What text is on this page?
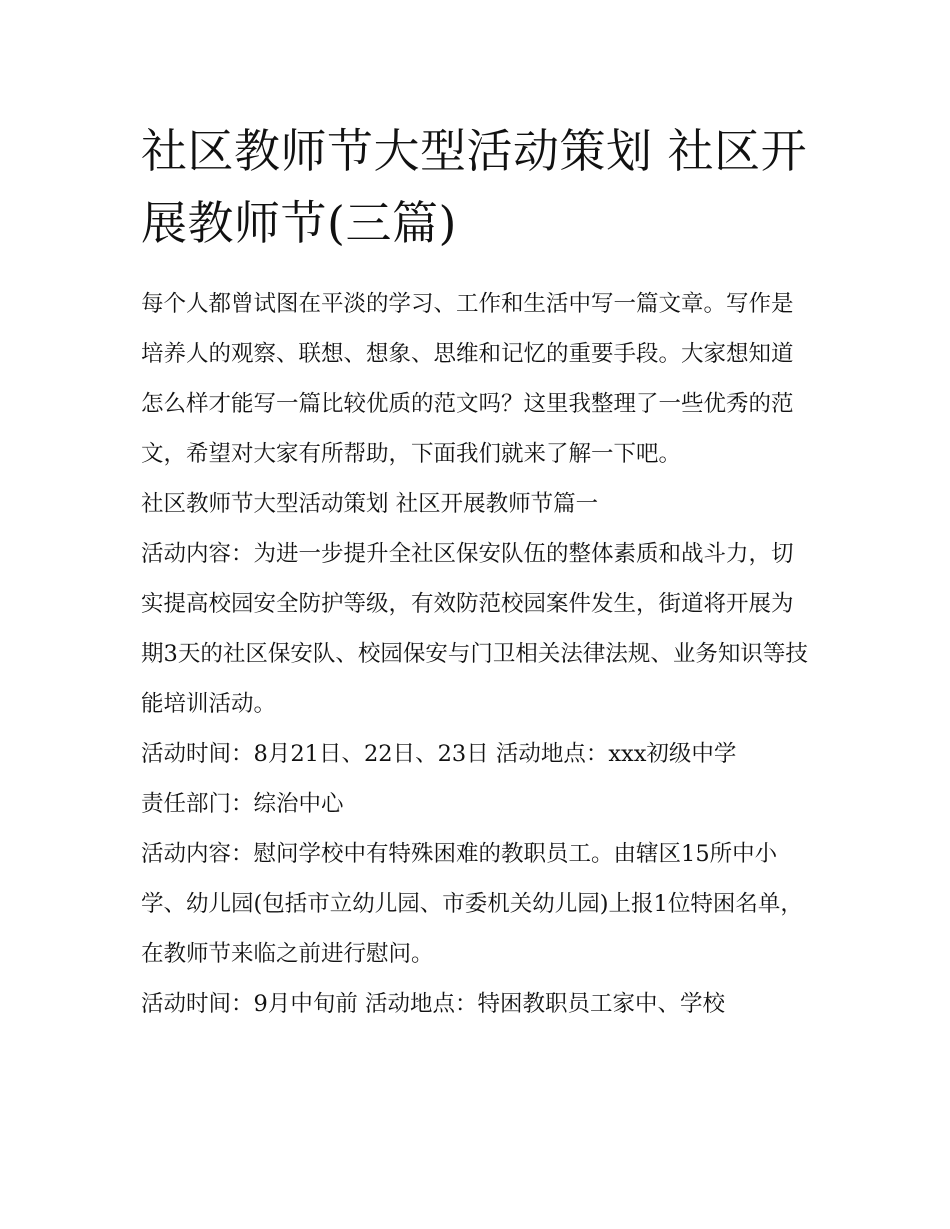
社区教师节大型活动策划 社区开展教师节(三篇)

每个人都曾试图在平淡的学习、工作和生活中写一篇文章。写作是培养人的观察、联想、想象、思维和记忆的重要手段。大家想知道怎么样才能写一篇比较优质的范文吗？这里我整理了一些优秀的范文，希望对大家有所帮助，下面我们就来了解一下吧。

社区教师节大型活动策划 社区开展教师节篇一

活动内容：为进一步提升全社区保安队伍的整体素质和战斗力，切实提高校园安全防护等级，有效防范校园案件发生，街道将开展为期3天的社区保安队、校园保安与门卫相关法律法规、业务知识等技能培训活动。

活动时间：8月21日、22日、23日 活动地点：xxx初级中学

责任部门：综治中心

活动内容：慰问学校中有特殊困难的教职员工。由辖区15所中小学、幼儿园(包括市立幼儿园、市委机关幼儿园)上报1位特困名单，在教师节来临之前进行慰问。

活动时间：9月中旬前 活动地点：特困教职员工家中、学校
